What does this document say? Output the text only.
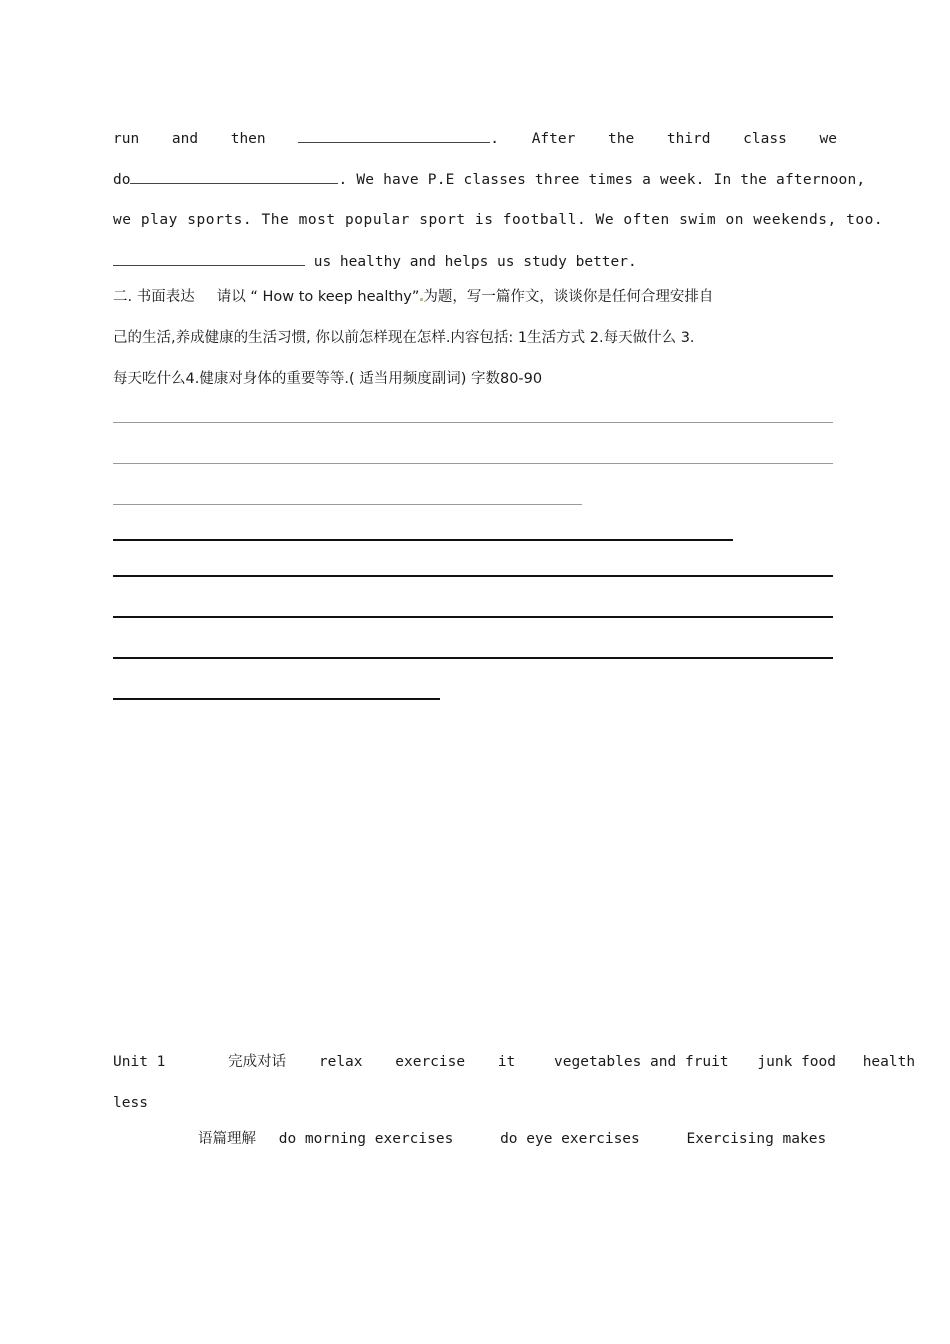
run and then	. After the third class we
do	. We have P.E classes three times a week. In the afternoon,
we play sports. The most popular sport is football. We often swim on weekends, too.
us healthy and helps us study better.
二. 书面表达 请以 “ How to keep healthy” 为题，写一篇作文，谈谈你是任何合理安排自
己的生活,养成健康的生活习惯, 你以前怎样现在怎样.内容包括: 1生活方式 2.每天做什么 3.
每天吃什么4.健康对身体的重要等等.( 适当用频度副词) 字数80-90
Unit 1	完成对话 relax exercise it	vegetables and fruit junk food health
less
语篇理解 do morning exercises	do eye exercises	Exercising makes
